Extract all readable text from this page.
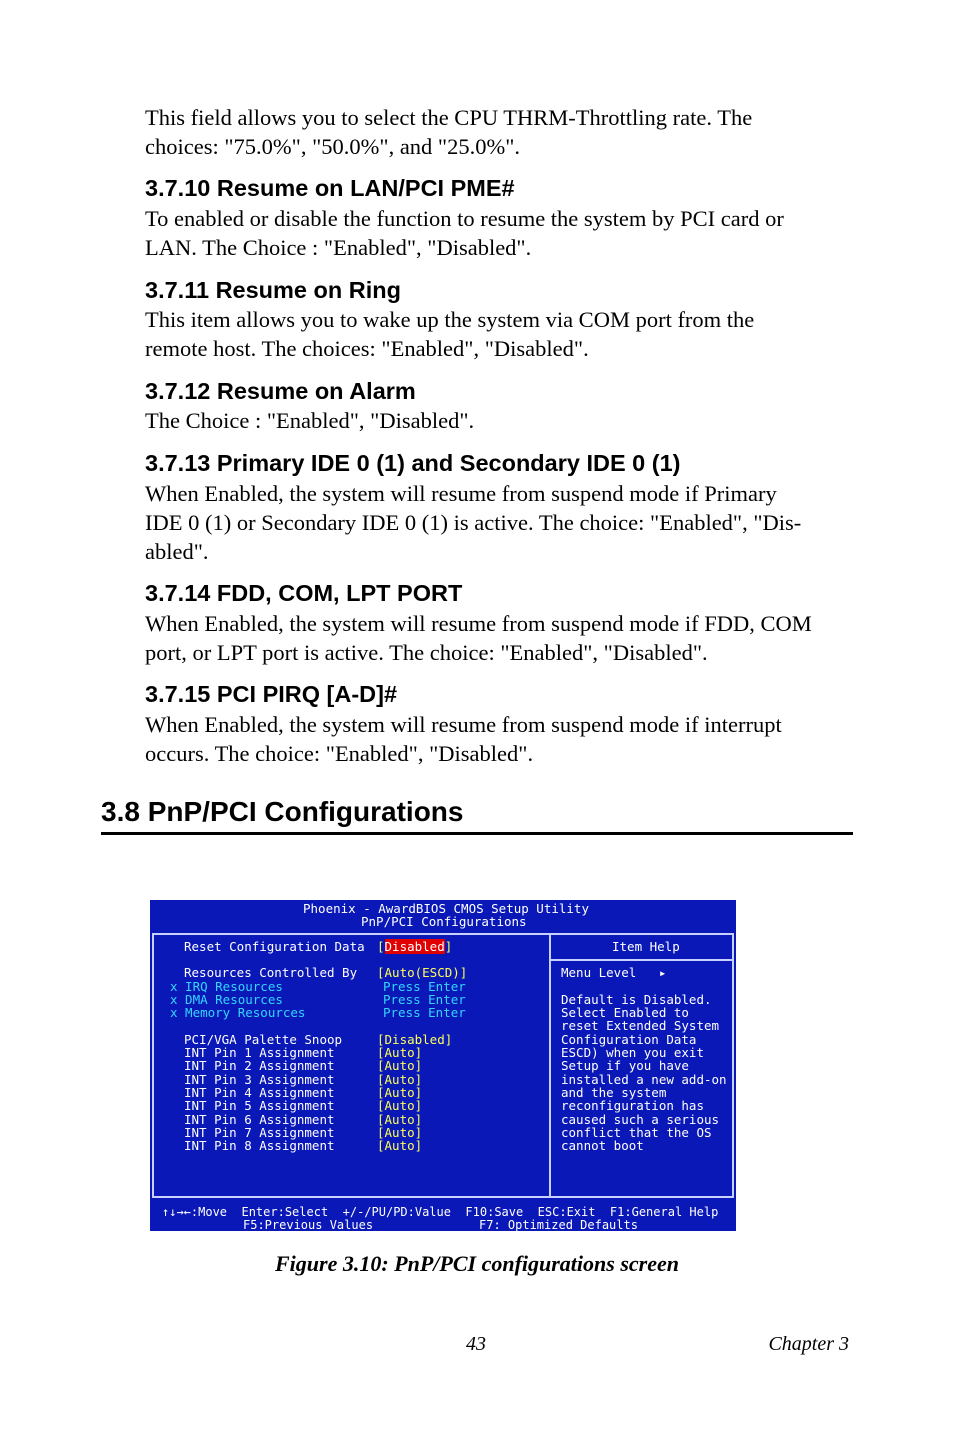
This field allows you to select the CPU THRM-Throttling rate. The
choices: "75.0%", "50.0%", and "25.0%".

3.7.10 Resume on LAN/PCI PME#

To enabled or disable the function to resume the system by PCI card or
LAN. The Choice : "Enabled", "Disabled".

3.7.11 Resume on Ring

This item allows you to wake up the system via COM port from the
remote host. The choices: "Enabled", "Disabled".

3.7.12 Resume on Alarm

The Choice : "Enabled", "Disabled".

3.7.13 Primary IDE 0 (1) and Secondary IDE 0 (1)

When Enabled, the system will resume from suspend mode if Primary
IDE 0 (1) or Secondary IDE 0 (1) is active. The choice: "Enabled", "Dis-
abled".

3.7.14 FDD, COM, LPT PORT

When Enabled, the system will resume from suspend mode if FDD, COM
port, or LPT port is active. The choice: "Enabled", "Disabled".

3.7.15 PCI PIRQ [A-D]#

When Enabled, the system will resume from suspend mode if interrupt
occurs. The choice: "Enabled", "Disabled".

3.8 PnP/PCI Configurations
Phoenix - AwardBIOS CMOS Setup Utility
PnP/PCI Configurations
Reset Configuration Data [Disabled]
Resources Controlled By [Auto(ESCD)]
x IRQ Resources	Press Enter
x DMA Resources	Press Enter
x Memory Resources	Press Enter
PCI/VGA Palette Snoop	[Disabled]
INT Pin 1 Assignment	[Auto]
INT Pin 2 Assignment	[Auto]
INT Pin 3 Assignment	[Auto]
INT Pin 4 Assignment	[Auto]
INT Pin 5 Assignment	[Auto]
INT Pin 6 Assignment	[Auto]
INT Pin 7 Assignment	[Auto]
INT Pin 8 Assignment	[Auto]
Item Help
Menu Level   ▸
Default is Disabled.
Select Enabled to
reset Extended System
Configuration Data
ESCD) when you exit
Setup if you have
installed a new add-on
and the system
reconfiguration has
caused such a serious
conflict that the OS
cannot boot
↑↓→←:Move  Enter:Select  +/-/PU/PD:Value  F10:Save  ESC:Exit  F1:General Help
F5:Previous Values	F7: Optimized Defaults

Figure 3.10: PnP/PCI configurations screen

43	Chapter 3
